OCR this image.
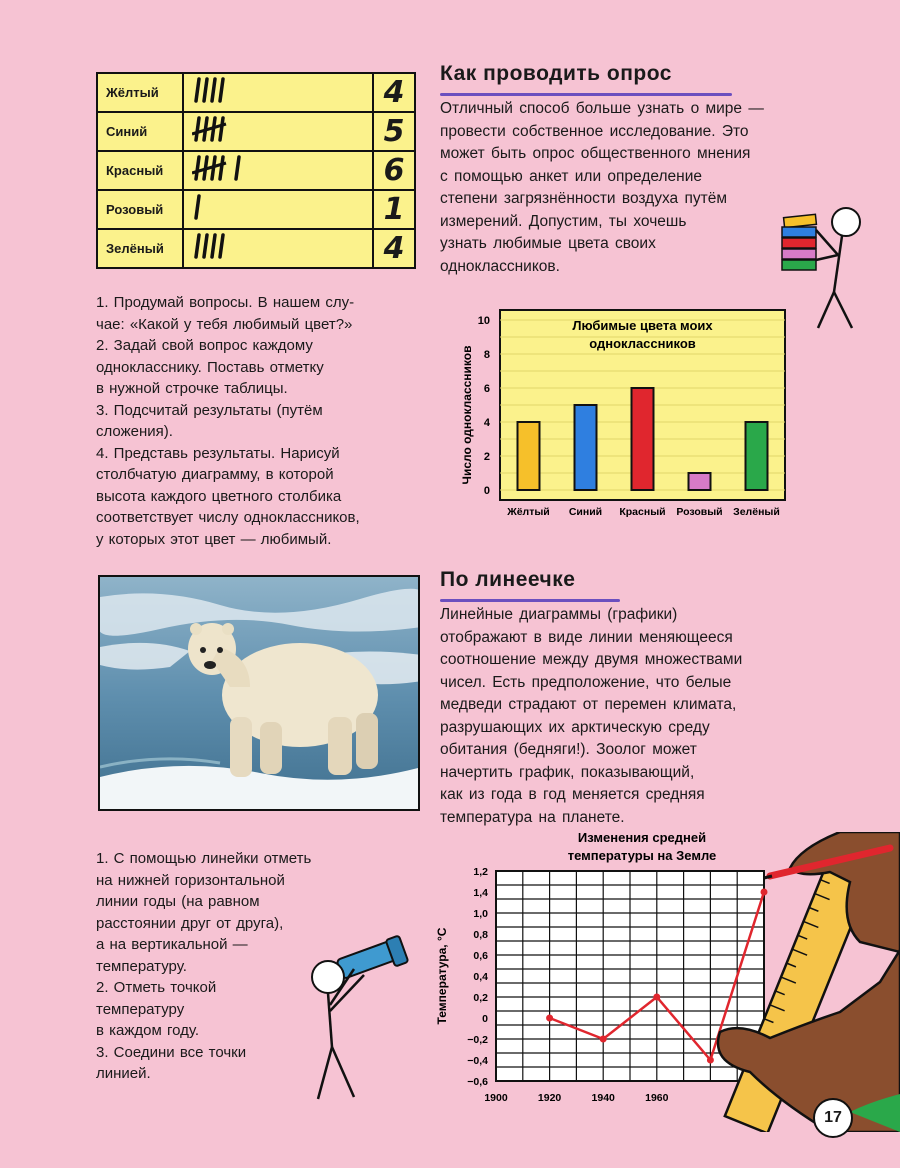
Жёлтый		4
Синий		5
Красный		6
Розовый		1
Зелёный		4
Как проводить опрос
Отличный способ больше узнать о мире —
провести собственное исследование. Это
может быть опрос общественного мнения
с помощью анкет или определение
степени загрязнённости воздуха путём
измерений. Допустим, ты хочешь
узнать любимые цвета своих
одноклассников.

1. Продумай вопросы. В нашем слу-

чае: «Какой у тебя любимый цвет?»

2. Задай свой вопрос каждому

однокласснику. Поставь отметку

в нужной строчке таблицы.

3. Подсчитай результаты (путём

сложения).

4. Представь результаты. Нарисуй

столбчатую диаграмму, в которой

высота каждого цветного столбика

соответствует числу одноклассников,

у которых этот цвет — любимый.

0
2
4
6
8
10
Число одноклассников
Любимые цвета моих
одноклассников
Жёлтый Синий Красный Розовый Зелёный
По линеечке
Линейные диаграммы (графики)
отображают в виде линии меняющееся
соотношение между двумя множествами
чисел. Есть предположение, что белые
медведи страдают от перемен климата,
разрушающих их арктическую среду
обитания (бедняги!). Зоолог может
начертить график, показывающий,
как из года в год меняется средняя
температура на планете.

1. С помощью линейки отметь

на нижней горизонтальной

линии годы (на равном

расстоянии друг от друга),

а на вертикальной —

температуру.

2. Отметь точкой

температуру

в каждом году.

3. Соедини все точки

линией.

Изменения средней
температуры на Земле
1,2
1,4
1,0
0,8
0,6
0,4
0,2
0
−0,2
−0,4
−0,6
Температура, °С
1900	1920	1940	1960
17
